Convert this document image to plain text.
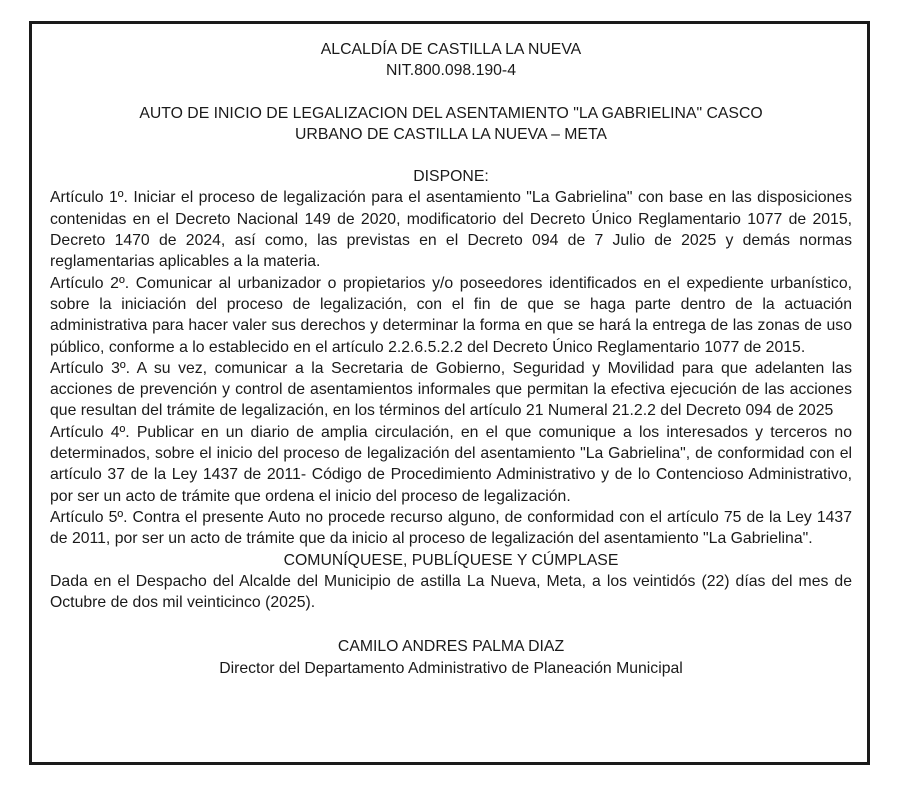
ALCALDÍA DE CASTILLA LA NUEVA

NIT.800.098.190-4

AUTO DE INICIO DE LEGALIZACION DEL ASENTAMIENTO "LA GABRIELINA" CASCO

URBANO DE CASTILLA LA NUEVA – META

DISPONE:

Artículo 1º. Iniciar el proceso de legalización para el asentamiento "La Gabrielina" con base en las disposiciones contenidas en el Decreto Nacional 149 de 2020, modificatorio del Decreto Único Reglamentario 1077 de 2015, Decreto 1470 de 2024, así como, las previstas en el Decreto 094 de 7 Julio de 2025 y demás normas reglamentarias aplicables a la materia.

Artículo 2º. Comunicar al urbanizador o propietarios y/o poseedores identificados en el expediente urbanístico, sobre la iniciación del proceso de legalización, con el fin de que se haga parte dentro de la actuación administrativa para hacer valer sus derechos y determinar la forma en que se hará la entrega de las zonas de uso público, conforme a lo establecido en el artículo 2.2.6.5.2.2 del Decreto Único Reglamentario 1077 de 2015.

Artículo 3º. A su vez, comunicar a la Secretaria de Gobierno, Seguridad y Movilidad para que adelanten las acciones de prevención y control de asentamientos informales que permitan la efectiva ejecución de las acciones que resultan del trámite de legalización, en los términos del artículo 21 Numeral 21.2.2 del Decreto 094 de 2025

Artículo 4º. Publicar en un diario de amplia circulación, en el que comunique a los interesados y terceros no determinados, sobre el inicio del proceso de legalización del asentamiento "La Gabrielina", de conformidad con el artículo 37 de la Ley 1437 de 2011- Código de Procedimiento Administrativo y de lo Contencioso Administrativo, por ser un acto de trámite que ordena el inicio del proceso de legalización.

Artículo 5º. Contra el presente Auto no procede recurso alguno, de conformidad con el artículo 75 de la Ley 1437 de 2011, por ser un acto de trámite que da inicio al proceso de legalización del asentamiento "La Gabrielina".

COMUNÍQUESE, PUBLÍQUESE Y CÚMPLASE

Dada en el Despacho del Alcalde del Municipio de astilla La Nueva, Meta, a los veintidós (22) días del mes de Octubre de dos mil veinticinco (2025).

CAMILO ANDRES PALMA DIAZ

Director del Departamento Administrativo de Planeación Municipal
